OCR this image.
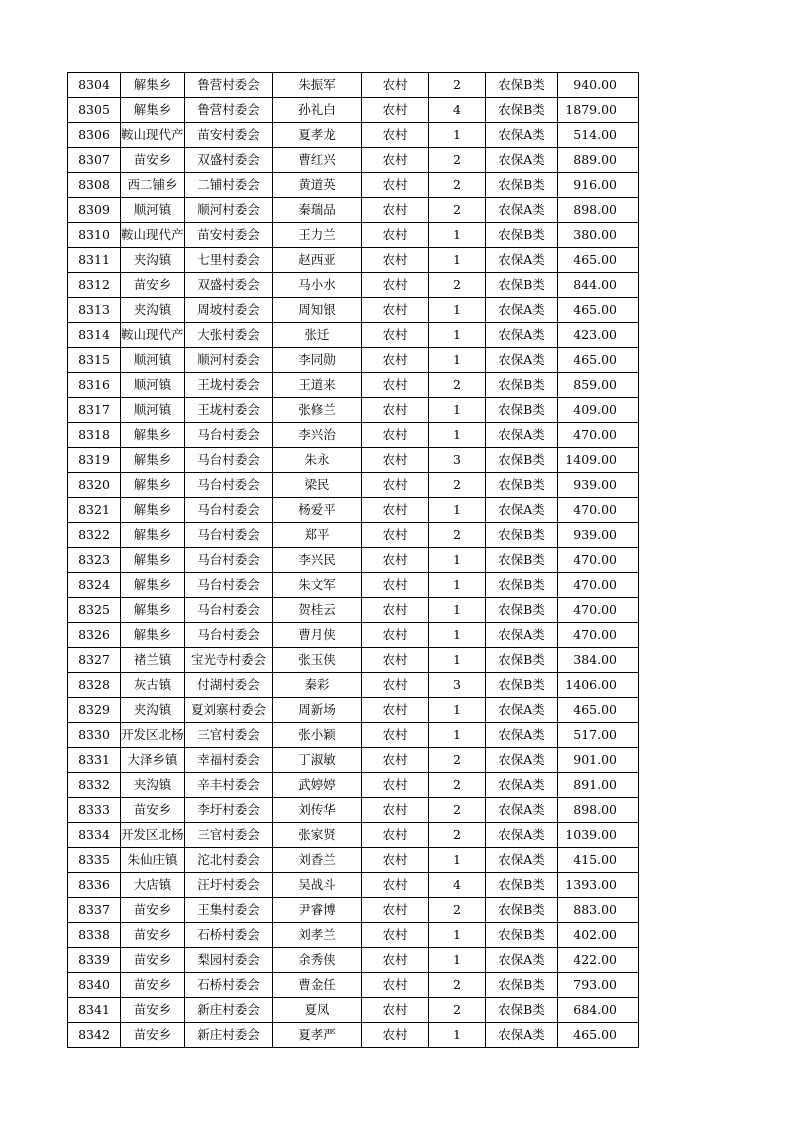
8304	解集乡	鲁营村委会	朱振军	农村	2	农保B类	940.00
8305	解集乡	鲁营村委会	孙礼白	农村	4	农保B类	1879.00
8306	鞍山现代产	苗安村委会	夏孝龙	农村	1	农保A类	514.00
8307	苗安乡	双盛村委会	曹红兴	农村	2	农保A类	889.00
8308	西二铺乡	二铺村委会	黄道英	农村	2	农保B类	916.00
8309	顺河镇	顺河村委会	秦瑞品	农村	2	农保A类	898.00
8310	鞍山现代产	苗安村委会	王力兰	农村	1	农保B类	380.00
8311	夹沟镇	七里村委会	赵西亚	农村	1	农保A类	465.00
8312	苗安乡	双盛村委会	马小水	农村	2	农保B类	844.00
8313	夹沟镇	周坡村委会	周知银	农村	1	农保A类	465.00
8314	鞍山现代产	大张村委会	张迁	农村	1	农保A类	423.00
8315	顺河镇	顺河村委会	李同勋	农村	1	农保A类	465.00
8316	顺河镇	王垅村委会	王道来	农村	2	农保B类	859.00
8317	顺河镇	王垅村委会	张修兰	农村	1	农保B类	409.00
8318	解集乡	马台村委会	李兴治	农村	1	农保A类	470.00
8319	解集乡	马台村委会	朱永	农村	3	农保B类	1409.00
8320	解集乡	马台村委会	梁民	农村	2	农保B类	939.00
8321	解集乡	马台村委会	杨爱平	农村	1	农保A类	470.00
8322	解集乡	马台村委会	郑平	农村	2	农保B类	939.00
8323	解集乡	马台村委会	李兴民	农村	1	农保B类	470.00
8324	解集乡	马台村委会	朱文军	农村	1	农保B类	470.00
8325	解集乡	马台村委会	贺桂云	农村	1	农保B类	470.00
8326	解集乡	马台村委会	曹月侠	农村	1	农保A类	470.00
8327	褚兰镇	宝光寺村委会	张玉侠	农村	1	农保B类	384.00
8328	灰古镇	付湖村委会	秦彩	农村	3	农保B类	1406.00
8329	夹沟镇	夏刘寨村委会	周新场	农村	1	农保A类	465.00
8330	开发区北杨	三官村委会	张小颖	农村	1	农保A类	517.00
8331	大泽乡镇	幸福村委会	丁淑敏	农村	2	农保A类	901.00
8332	夹沟镇	辛丰村委会	武婷婷	农村	2	农保A类	891.00
8333	苗安乡	李圩村委会	刘传华	农村	2	农保A类	898.00
8334	开发区北杨	三官村委会	张家贤	农村	2	农保A类	1039.00
8335	朱仙庄镇	沱北村委会	刘香兰	农村	1	农保A类	415.00
8336	大店镇	汪圩村委会	吴战斗	农村	4	农保B类	1393.00
8337	苗安乡	王集村委会	尹睿博	农村	2	农保B类	883.00
8338	苗安乡	石桥村委会	刘孝兰	农村	1	农保B类	402.00
8339	苗安乡	梨园村委会	余秀侠	农村	1	农保A类	422.00
8340	苗安乡	石桥村委会	曹金任	农村	2	农保B类	793.00
8341	苗安乡	新庄村委会	夏凤	农村	2	农保B类	684.00
8342	苗安乡	新庄村委会	夏孝严	农村	1	农保A类	465.00
